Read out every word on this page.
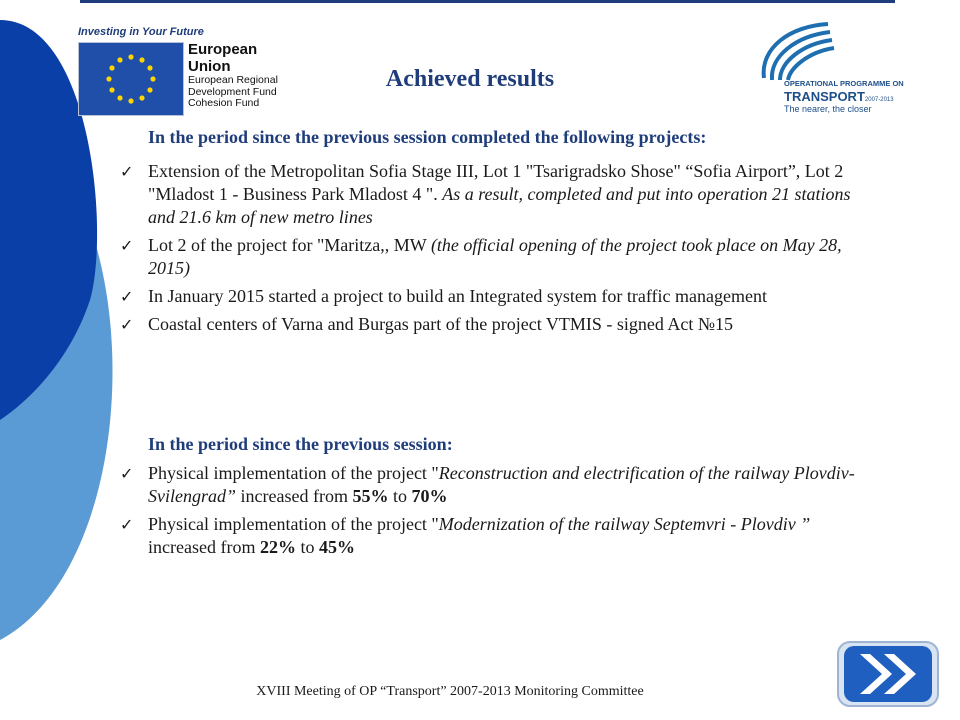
Investing in Your Future
European
Union
European Regional
Development Fund
Cohesion Fund
Achieved results	OPERATIONAL PROGRAMME ON
TRANSPORT2007-2013
The nearer, the closer
In the period since the previous session completed the following projects:
✓ Extension of the Metropolitan Sofia Stage III, Lot 1 "Tsarigradsko Shose" “Sofia Airport”, Lot 2 "Mladost 1 - Business Park Mladost 4 ". As a result, completed and put into operation 21 stations and 21.6 km of new metro lines
✓ Lot 2 of the project for "Maritza,, MW (the official opening of the project took place on May 28, 2015)
✓ In January 2015 started a project to build an Integrated system for traffic management
✓ Coastal centers of Varna and Burgas part of the project VTMIS - signed Act №15
In the period since the previous session:
✓ Physical implementation of the project "Reconstruction and electrification of the railway Plovdiv-Svilengrad” increased from 55% to 70%
✓ Physical implementation of the project "Modernization of the railway Septemvri - Plovdiv ” increased from 22% to 45%
XVIII Meeting of OP “Transport” 2007-2013 Monitoring Committee
